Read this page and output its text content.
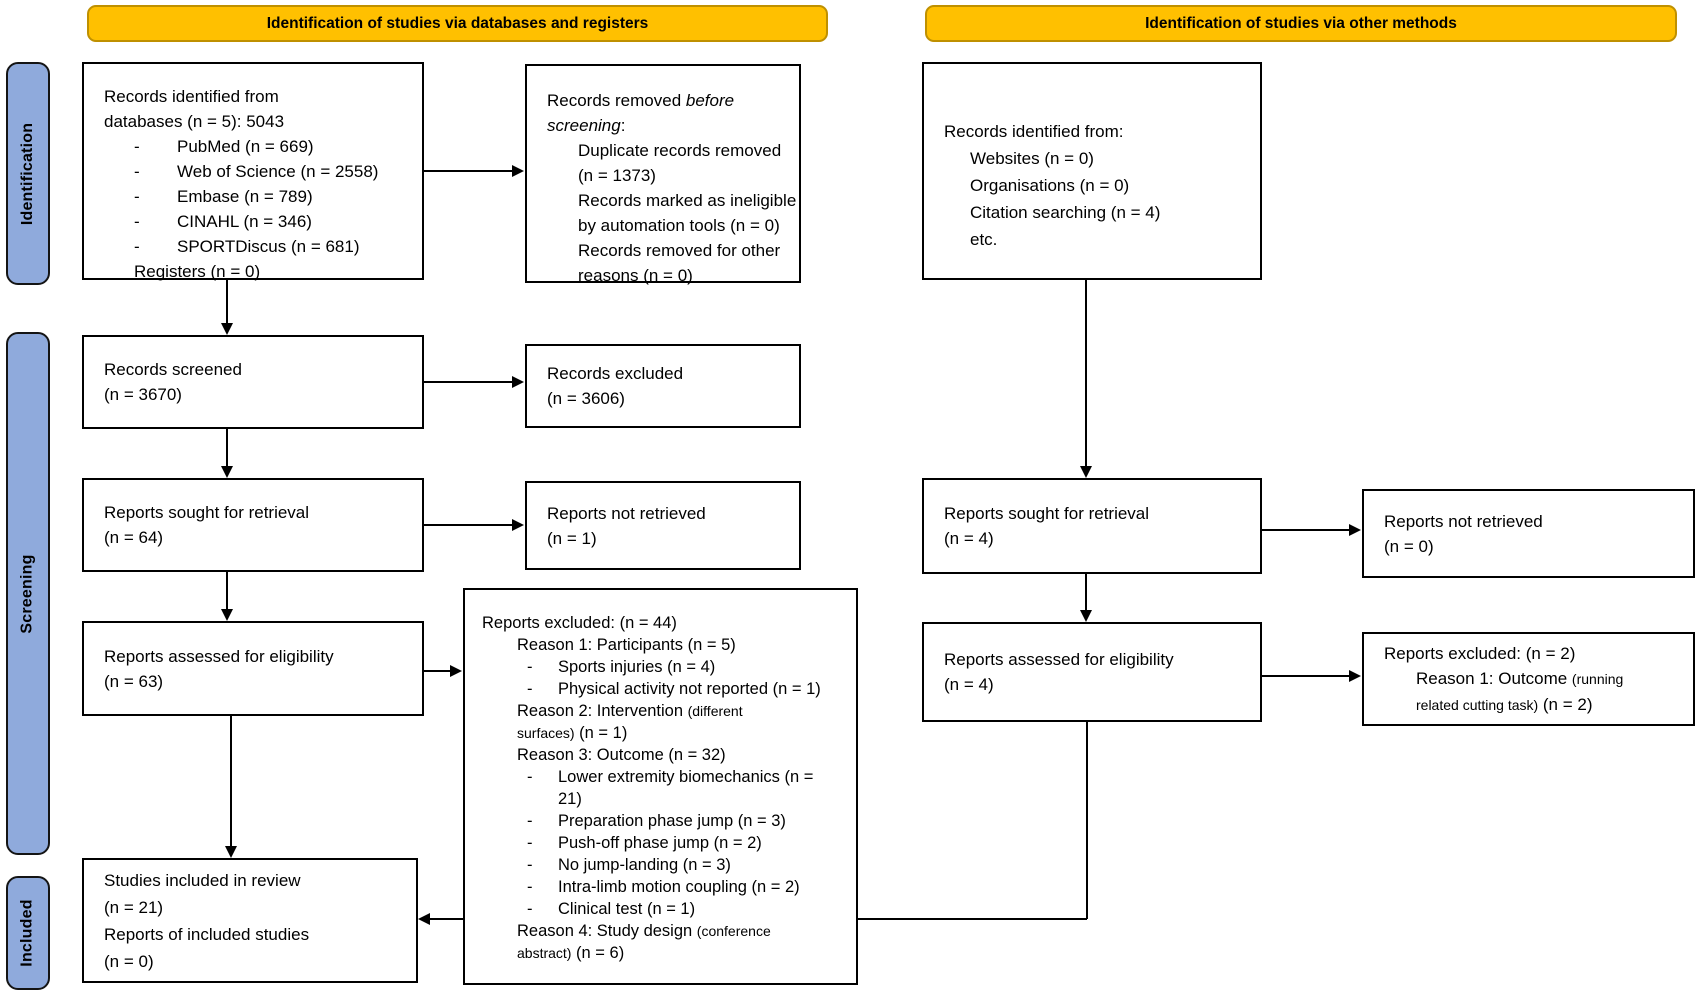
Identification of studies via databases and registers	Identification of studies via other methods
Identification
Screening
Included
Records identified from
databases (n = 5): 5043
-	PubMed (n = 669)
-	Web of Science (n = 2558)
-	Embase (n = 789)
-	CINAHL (n = 346)
-	SPORTDiscus (n = 681)
Registers (n = 0)
Records removed before
screening:
Duplicate records removed
(n = 1373)
Records marked as ineligible
by automation tools (n = 0)
Records removed for other
reasons (n = 0)
Records screened
(n = 3670)
Records excluded
(n = 3606)
Reports sought for retrieval
(n = 64)
Reports not retrieved
(n = 1)
Reports assessed for eligibility
(n = 63)
Reports excluded: (n = 44)
Reason 1: Participants (n = 5)
-	Sports injuries (n = 4)
-	Physical activity not reported (n = 1)
Reason 2: Intervention (different
surfaces) (n = 1)
Reason 3: Outcome (n = 32)
-	Lower extremity biomechanics (n =
21)
-	Preparation phase jump (n = 3)
-	Push-off phase jump (n = 2)
-	No jump-landing (n = 3)
-	Intra-limb motion coupling (n = 2)
-	Clinical test (n = 1)
Reason 4: Study design (conference
abstract) (n = 6)
Studies included in review
(n = 21)
Reports of included studies
(n = 0)
Records identified from:
Websites (n = 0)
Organisations (n = 0)
Citation searching (n = 4)
etc.
Reports sought for retrieval
(n = 4)
Reports not retrieved
(n = 0)
Reports assessed for eligibility
(n = 4)
Reports excluded: (n = 2)
Reason 1: Outcome (running
related cutting task) (n = 2)
